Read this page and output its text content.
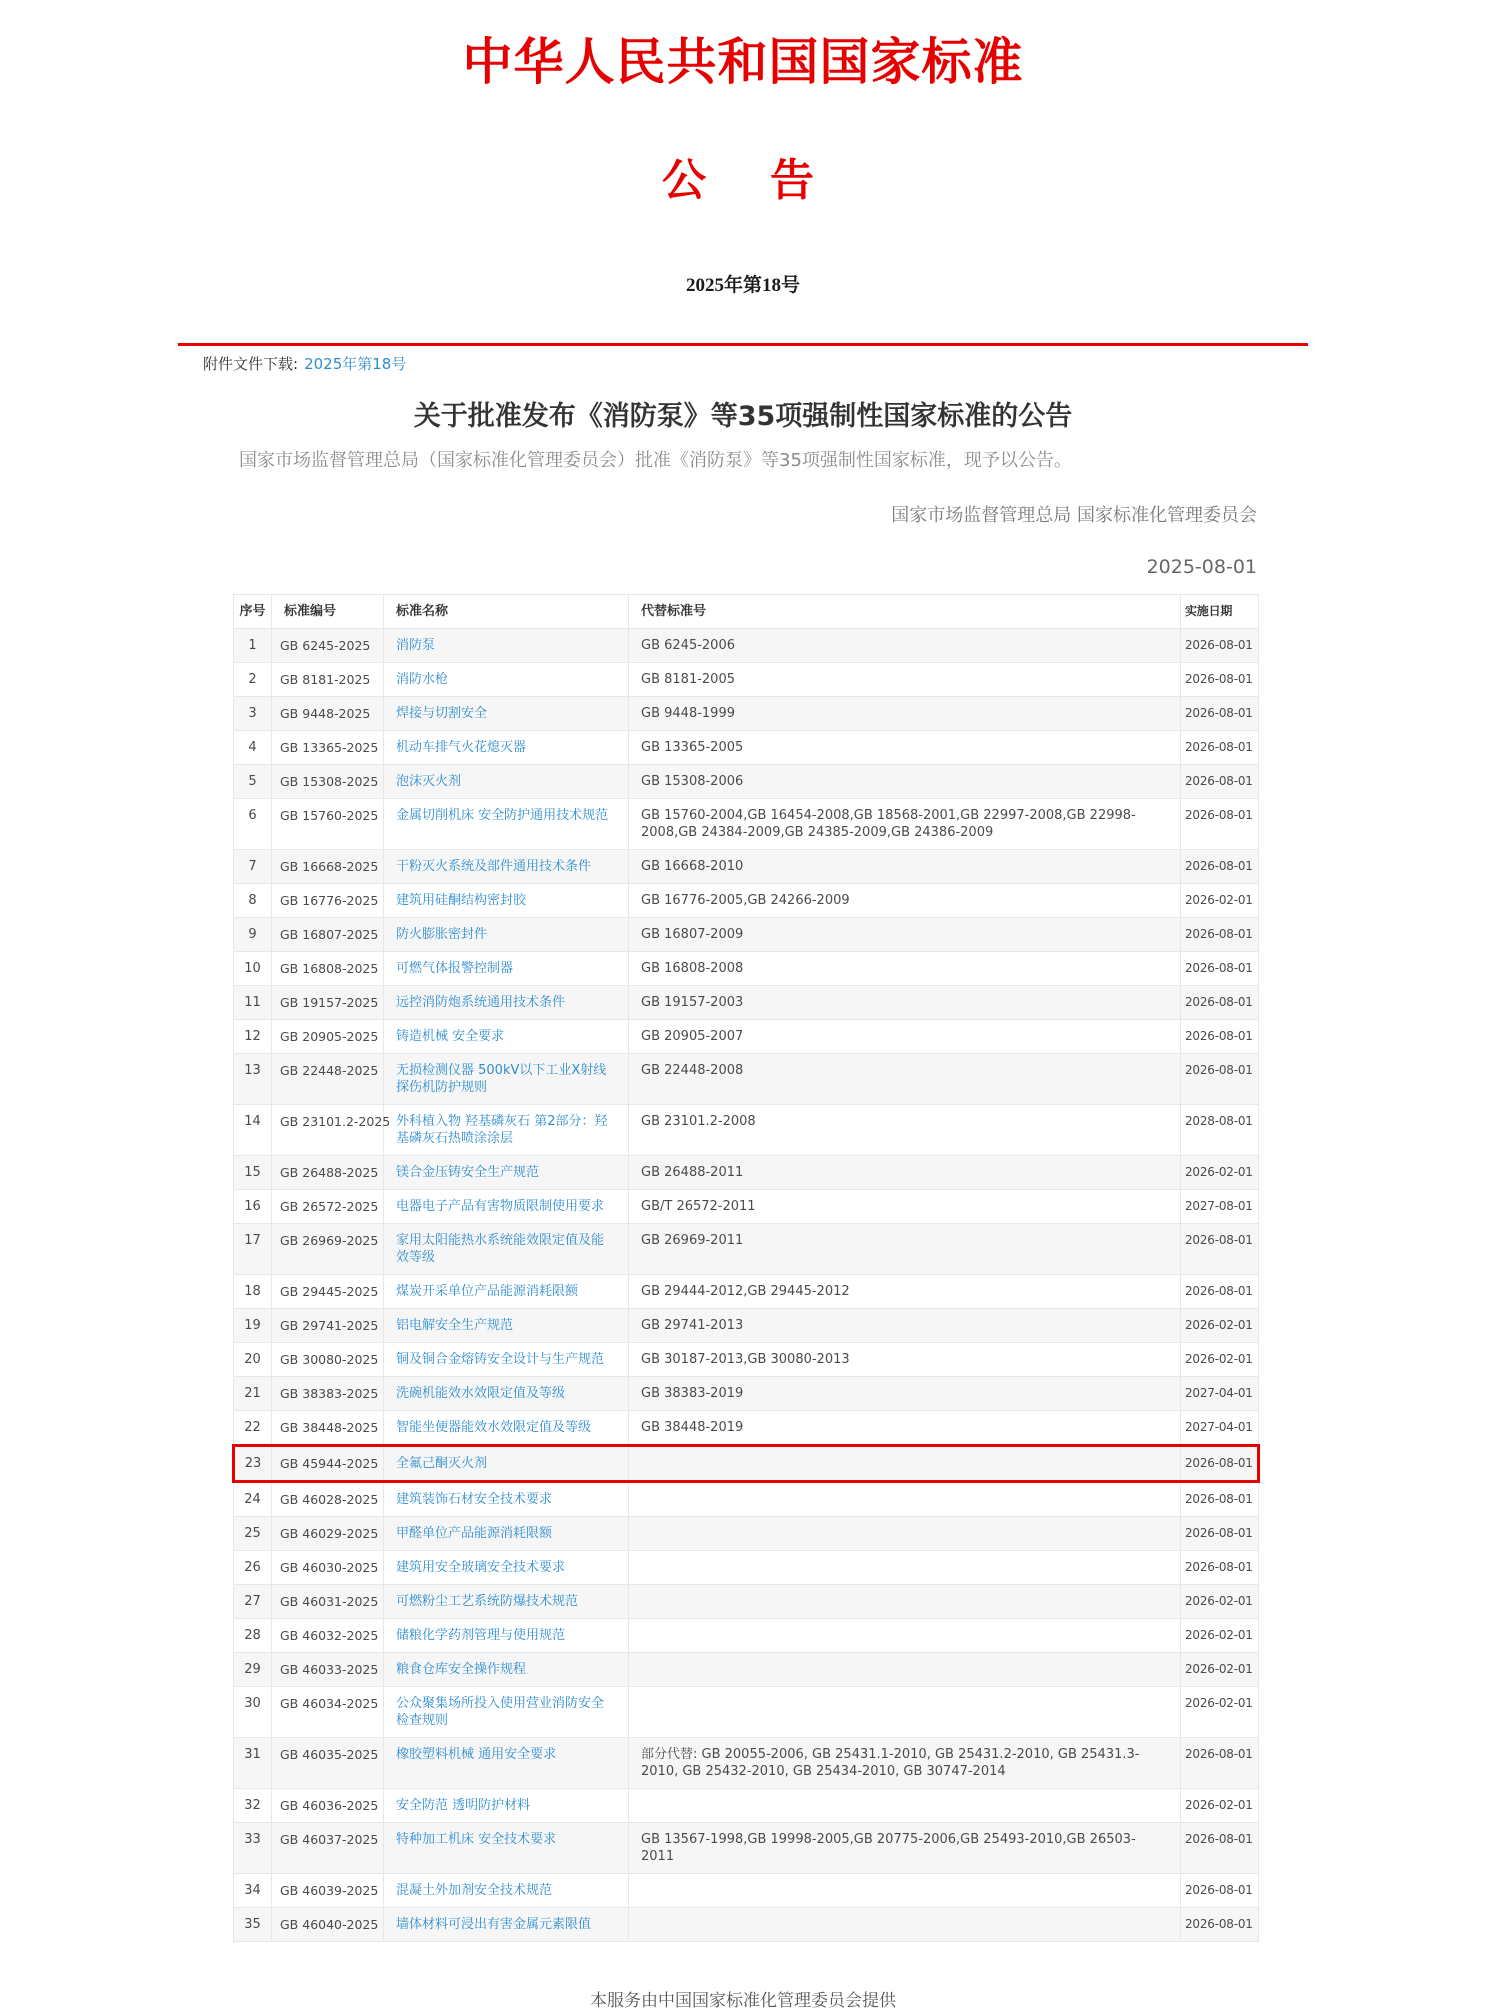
中华人民共和国国家标准
公　告
2025年第18号
附件文件下载: 2025年第18号
关于批准发布《消防泵》等35项强制性国家标准的公告

国家市场监督管理总局（国家标准化管理委员会）批准《消防泵》等35项强制性国家标准，现予以公告。

国家市场监督管理总局 国家标准化管理委员会
2025-08-01
序号	标准编号	标准名称	代替标准号	实施日期
1	GB 6245-2025	消防泵	GB 6245-2006	2026-08-01
2	GB 8181-2025	消防水枪	GB 8181-2005	2026-08-01
3	GB 9448-2025	焊接与切割安全	GB 9448-1999	2026-08-01
4	GB 13365-2025	机动车排气火花熄灭器	GB 13365-2005	2026-08-01
5	GB 15308-2025	泡沫灭火剂	GB 15308-2006	2026-08-01
6	GB 15760-2025	金属切削机床 安全防护通用技术规范	GB 15760-2004,GB 16454-2008,GB 18568-2001,GB 22997-2008,GB 22998-2008,GB 24384-2009,GB 24385-2009,GB 24386-2009	2026-08-01
7	GB 16668-2025	干粉灭火系统及部件通用技术条件	GB 16668-2010	2026-08-01
8	GB 16776-2025	建筑用硅酮结构密封胶	GB 16776-2005,GB 24266-2009	2026-02-01
9	GB 16807-2025	防火膨胀密封件	GB 16807-2009	2026-08-01
10	GB 16808-2025	可燃气体报警控制器	GB 16808-2008	2026-08-01
11	GB 19157-2025	远控消防炮系统通用技术条件	GB 19157-2003	2026-08-01
12	GB 20905-2025	铸造机械 安全要求	GB 20905-2007	2026-08-01
13	GB 22448-2025	无损检测仪器 500kV以下工业X射线探伤机防护规则	GB 22448-2008	2026-08-01
14	GB 23101.2-2025	外科植入物 羟基磷灰石 第2部分：羟基磷灰石热喷涂涂层	GB 23101.2-2008	2028-08-01
15	GB 26488-2025	镁合金压铸安全生产规范	GB 26488-2011	2026-02-01
16	GB 26572-2025	电器电子产品有害物质限制使用要求	GB/T 26572-2011	2027-08-01
17	GB 26969-2025	家用太阳能热水系统能效限定值及能效等级	GB 26969-2011	2026-08-01
18	GB 29445-2025	煤炭开采单位产品能源消耗限额	GB 29444-2012,GB 29445-2012	2026-08-01
19	GB 29741-2025	铝电解安全生产规范	GB 29741-2013	2026-02-01
20	GB 30080-2025	铜及铜合金熔铸安全设计与生产规范	GB 30187-2013,GB 30080-2013	2026-02-01
21	GB 38383-2025	洗碗机能效水效限定值及等级	GB 38383-2019	2027-04-01
22	GB 38448-2025	智能坐便器能效水效限定值及等级	GB 38448-2019	2027-04-01
23	GB 45944-2025	全氟己酮灭火剂		2026-08-01
24	GB 46028-2025	建筑装饰石材安全技术要求		2026-08-01
25	GB 46029-2025	甲醛单位产品能源消耗限额		2026-08-01
26	GB 46030-2025	建筑用安全玻璃安全技术要求		2026-08-01
27	GB 46031-2025	可燃粉尘工艺系统防爆技术规范		2026-02-01
28	GB 46032-2025	储粮化学药剂管理与使用规范		2026-02-01
29	GB 46033-2025	粮食仓库安全操作规程		2026-02-01
30	GB 46034-2025	公众聚集场所投入使用营业消防安全检查规则		2026-02-01
31	GB 46035-2025	橡胶塑料机械 通用安全要求	部分代替: GB 20055-2006, GB 25431.1-2010, GB 25431.2-2010, GB 25431.3-2010, GB 25432-2010, GB 25434-2010, GB 30747-2014	2026-08-01
32	GB 46036-2025	安全防范 透明防护材料		2026-02-01
33	GB 46037-2025	特种加工机床 安全技术要求	GB 13567-1998,GB 19998-2005,GB 20775-2006,GB 25493-2010,GB 26503-2011	2026-08-01
34	GB 46039-2025	混凝土外加剂安全技术规范		2026-08-01
35	GB 46040-2025	墙体材料可浸出有害金属元素限值		2026-08-01
本服务由中国国家标准化管理委员会提供
